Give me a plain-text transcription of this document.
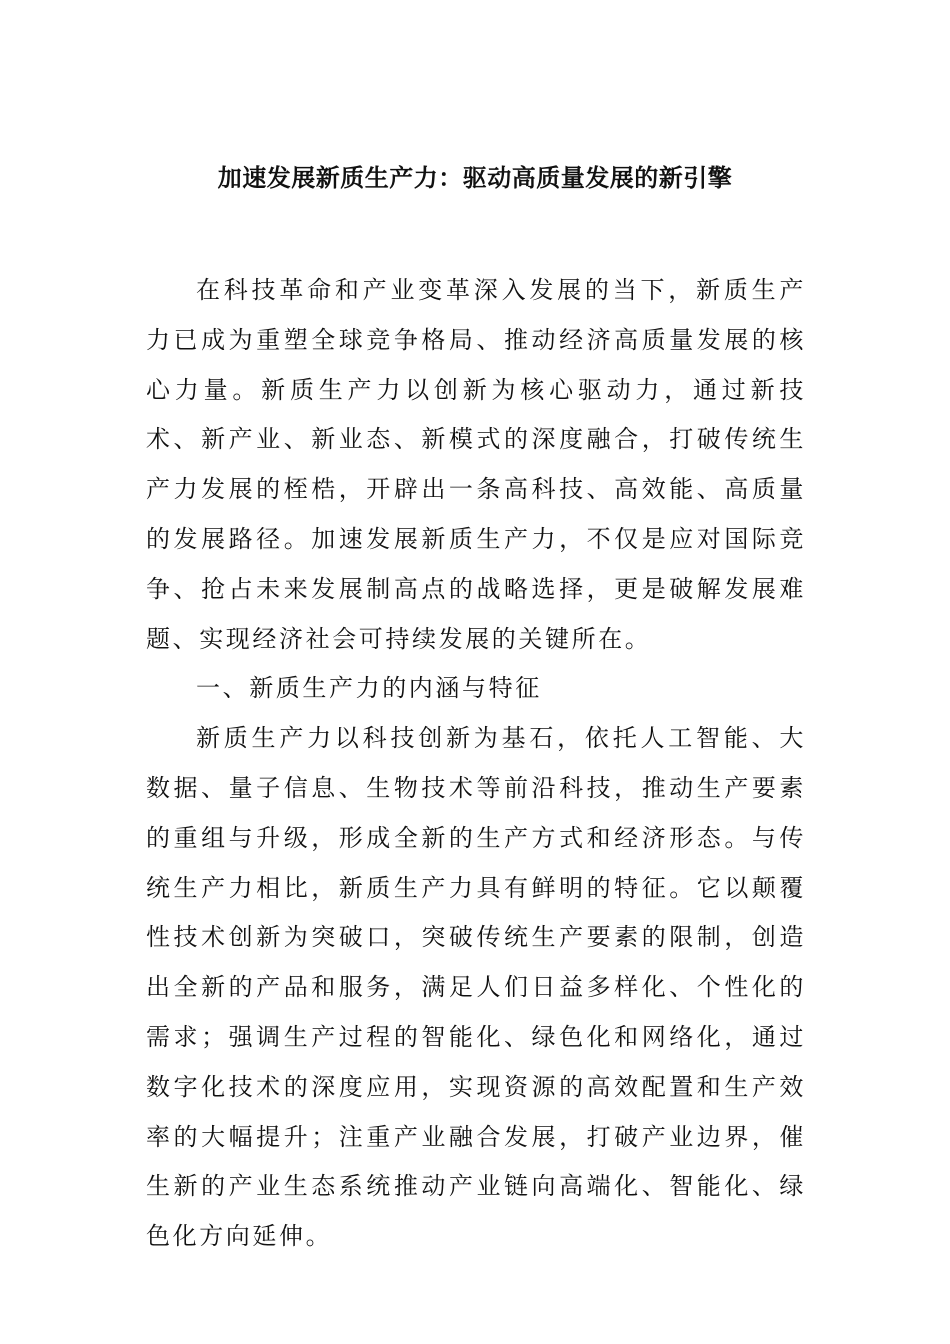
加速发展新质生产力：驱动高质量发展的新引擎

在科技革命和产业变革深入发展的当下，新质生产力已成为重塑全球竞争格局、推动经济高质量发展的核心力量。新质生产力以创新为核心驱动力，通过新技术、新产业、新业态、新模式的深度融合，打破传统生产力发展的桎梏，开辟出一条高科技、高效能、高质量的发展路径。加速发展新质生产力，不仅是应对国际竞争、抢占未来发展制高点的战略选择，更是破解发展难题、实现经济社会可持续发展的关键所在。

一、新质生产力的内涵与特征

新质生产力以科技创新为基石，依托人工智能、大数据、量子信息、生物技术等前沿科技，推动生产要素的重组与升级，形成全新的生产方式和经济形态。与传统生产力相比，新质生产力具有鲜明的特征。它以颠覆性技术创新为突破口，突破传统生产要素的限制，创造出全新的产品和服务，满足人们日益多样化、个性化的需求；强调生产过程的智能化、绿色化和网络化，通过数字化技术的深度应用，实现资源的高效配置和生产效率的大幅提升；注重产业融合发展，打破产业边界，催生新的产业生态系统推动产业链向高端化、智能化、绿色化方向延伸。
